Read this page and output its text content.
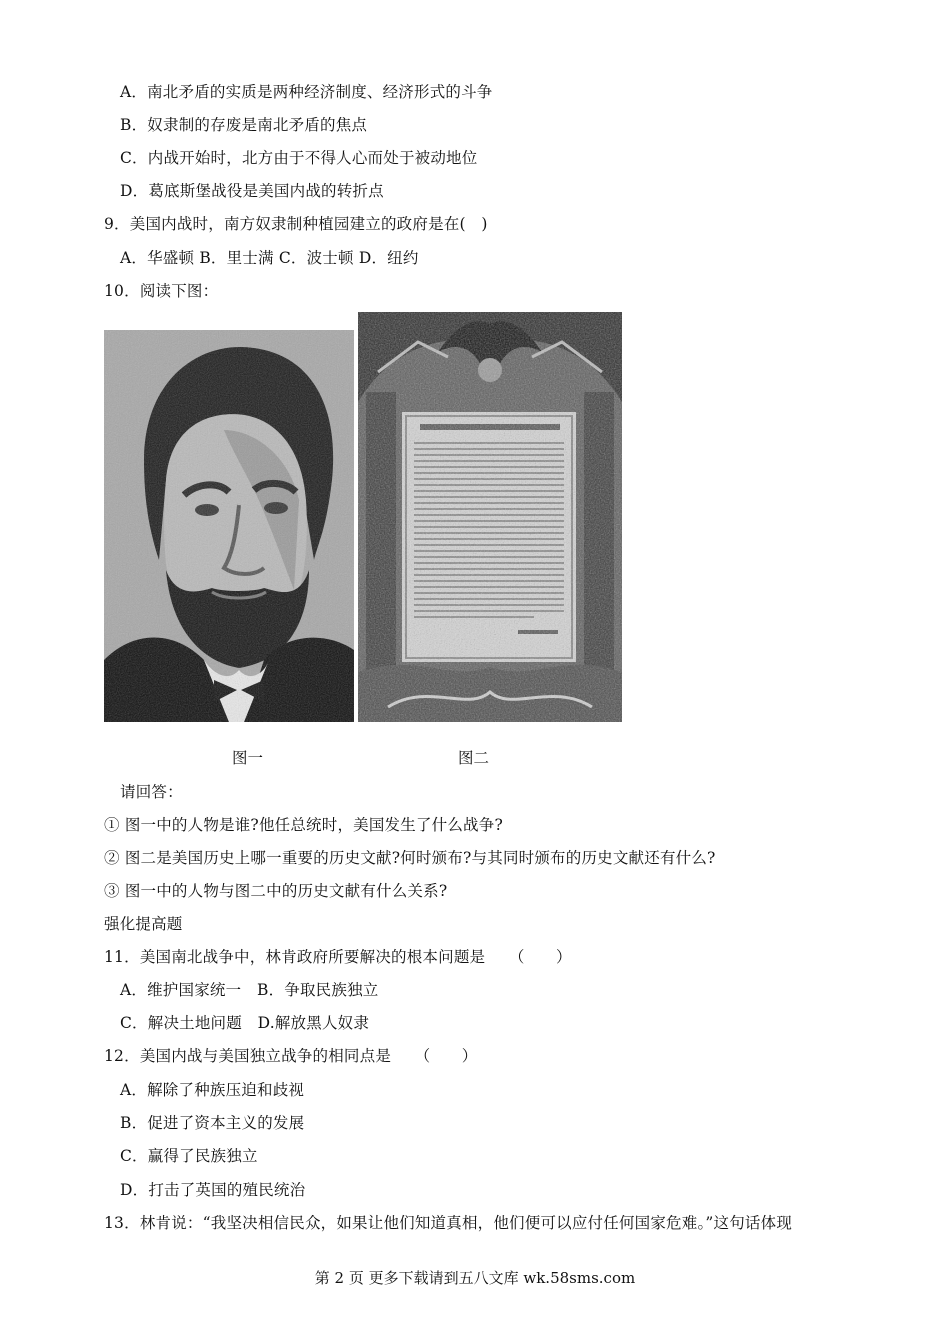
A．南北矛盾的实质是两种经济制度、经济形式的斗争
B．奴隶制的存废是南北矛盾的焦点
C．内战开始时，北方由于不得人心而处于被动地位
D．葛底斯堡战役是美国内战的转折点
9．美国内战时，南方奴隶制种植园建立的政府是在(　)
A．华盛顿 B．里士满 C．波士顿 D．纽约
10．阅读下图：
图一	图二
请回答：
① 图一中的人物是谁?他任总统时，美国发生了什么战争?
② 图二是美国历史上哪一重要的历史文献?何时颁布?与其同时颁布的历史文献还有什么?
③ 图一中的人物与图二中的历史文献有什么关系?
强化提高题
11．美国南北战争中，林肯政府所要解决的根本问题是　　（　　）
A．维护国家统一　B．争取民族独立
C．解决土地问题　D.解放黑人奴隶
12．美国内战与美国独立战争的相同点是　　（　　）
A．解除了种族压迫和歧视
B．促进了资本主义的发展
C．赢得了民族独立
D．打击了英国的殖民统治
13．林肯说：“我坚决相信民众，如果让他们知道真相，他们便可以应付任何国家危难。”这句话体现
第 2 页 更多下载请到五八文库 wk.58sms.com
